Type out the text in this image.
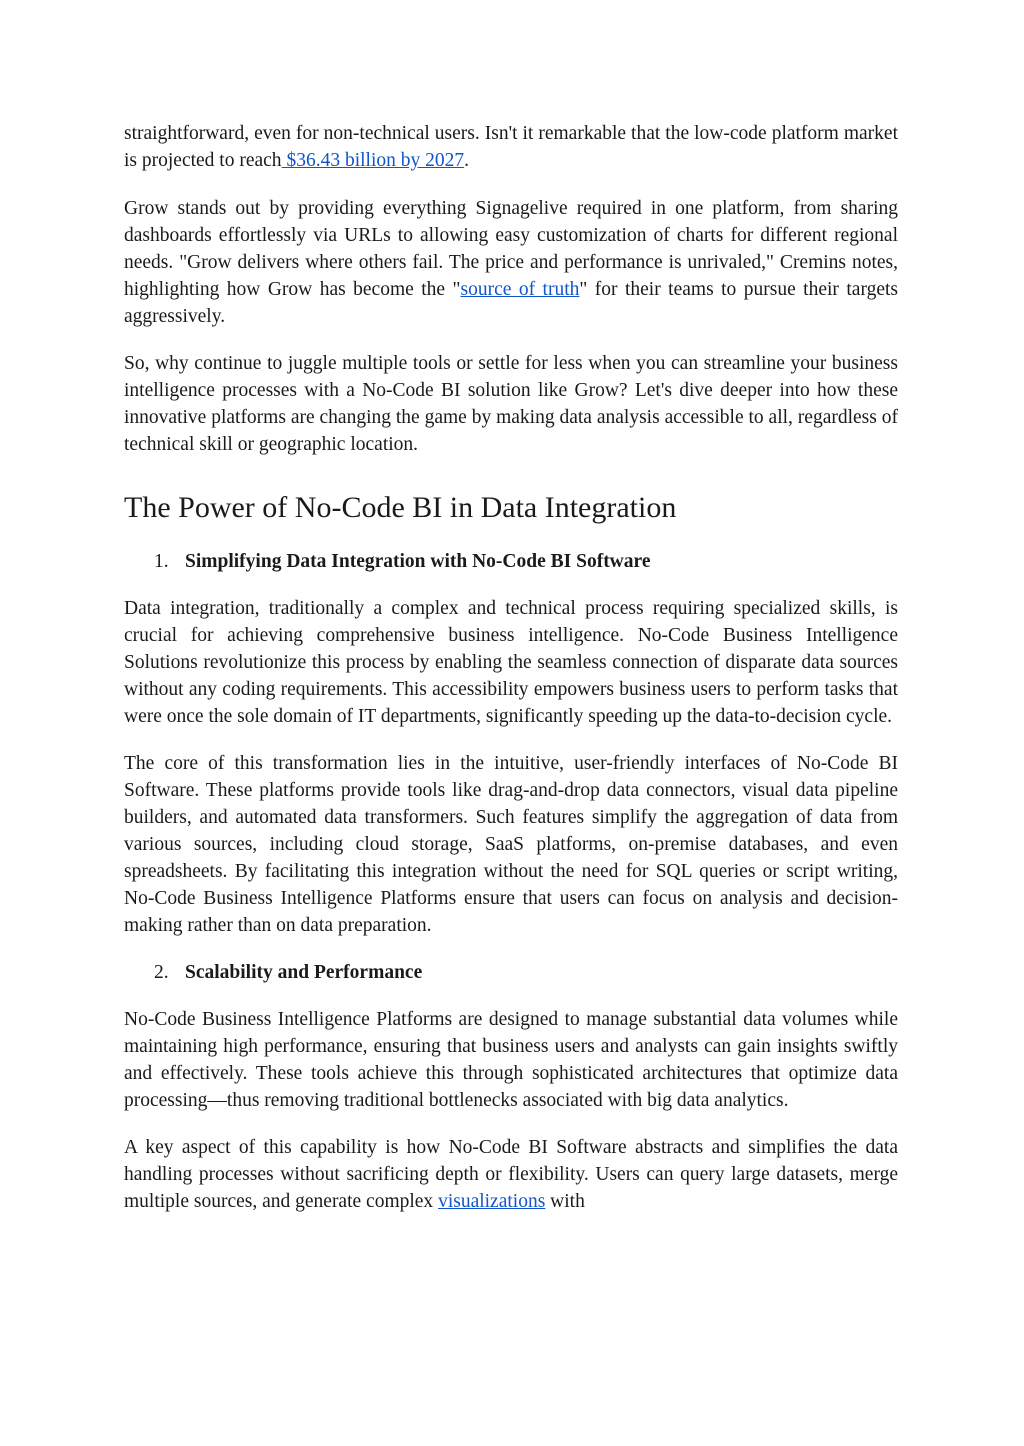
straightforward, even for non-technical users. Isn't it remarkable that the low-code platform market is projected to reach $36.43 billion by 2027.

Grow stands out by providing everything Signagelive required in one platform, from sharing dashboards effortlessly via URLs to allowing easy customization of charts for different regional needs. "Grow delivers where others fail. The price and performance is unrivaled," Cremins notes, highlighting how Grow has become the "source of truth" for their teams to pursue their targets aggressively.

So, why continue to juggle multiple tools or settle for less when you can streamline your business intelligence processes with a No-Code BI solution like Grow? Let's dive deeper into how these innovative platforms are changing the game by making data analysis accessible to all, regardless of technical skill or geographic location.

The Power of No-Code BI in Data Integration
1. Simplifying Data Integration with No-Code BI Software

Data integration, traditionally a complex and technical process requiring specialized skills, is crucial for achieving comprehensive business intelligence. No-Code Business Intelligence Solutions revolutionize this process by enabling the seamless connection of disparate data sources without any coding requirements. This accessibility empowers business users to perform tasks that were once the sole domain of IT departments, significantly speeding up the data-to-decision cycle.

The core of this transformation lies in the intuitive, user-friendly interfaces of No-Code BI Software. These platforms provide tools like drag-and-drop data connectors, visual data pipeline builders, and automated data transformers. Such features simplify the aggregation of data from various sources, including cloud storage, SaaS platforms, on-premise databases, and even spreadsheets. By facilitating this integration without the need for SQL queries or script writing, No-Code Business Intelligence Platforms ensure that users can focus on analysis and decision-making rather than on data preparation.

2. Scalability and Performance

No-Code Business Intelligence Platforms are designed to manage substantial data volumes while maintaining high performance, ensuring that business users and analysts can gain insights swiftly and effectively. These tools achieve this through sophisticated architectures that optimize data processing—thus removing traditional bottlenecks associated with big data analytics.

A key aspect of this capability is how No-Code BI Software abstracts and simplifies the data handling processes without sacrificing depth or flexibility. Users can query large datasets, merge multiple sources, and generate complex visualizations with
